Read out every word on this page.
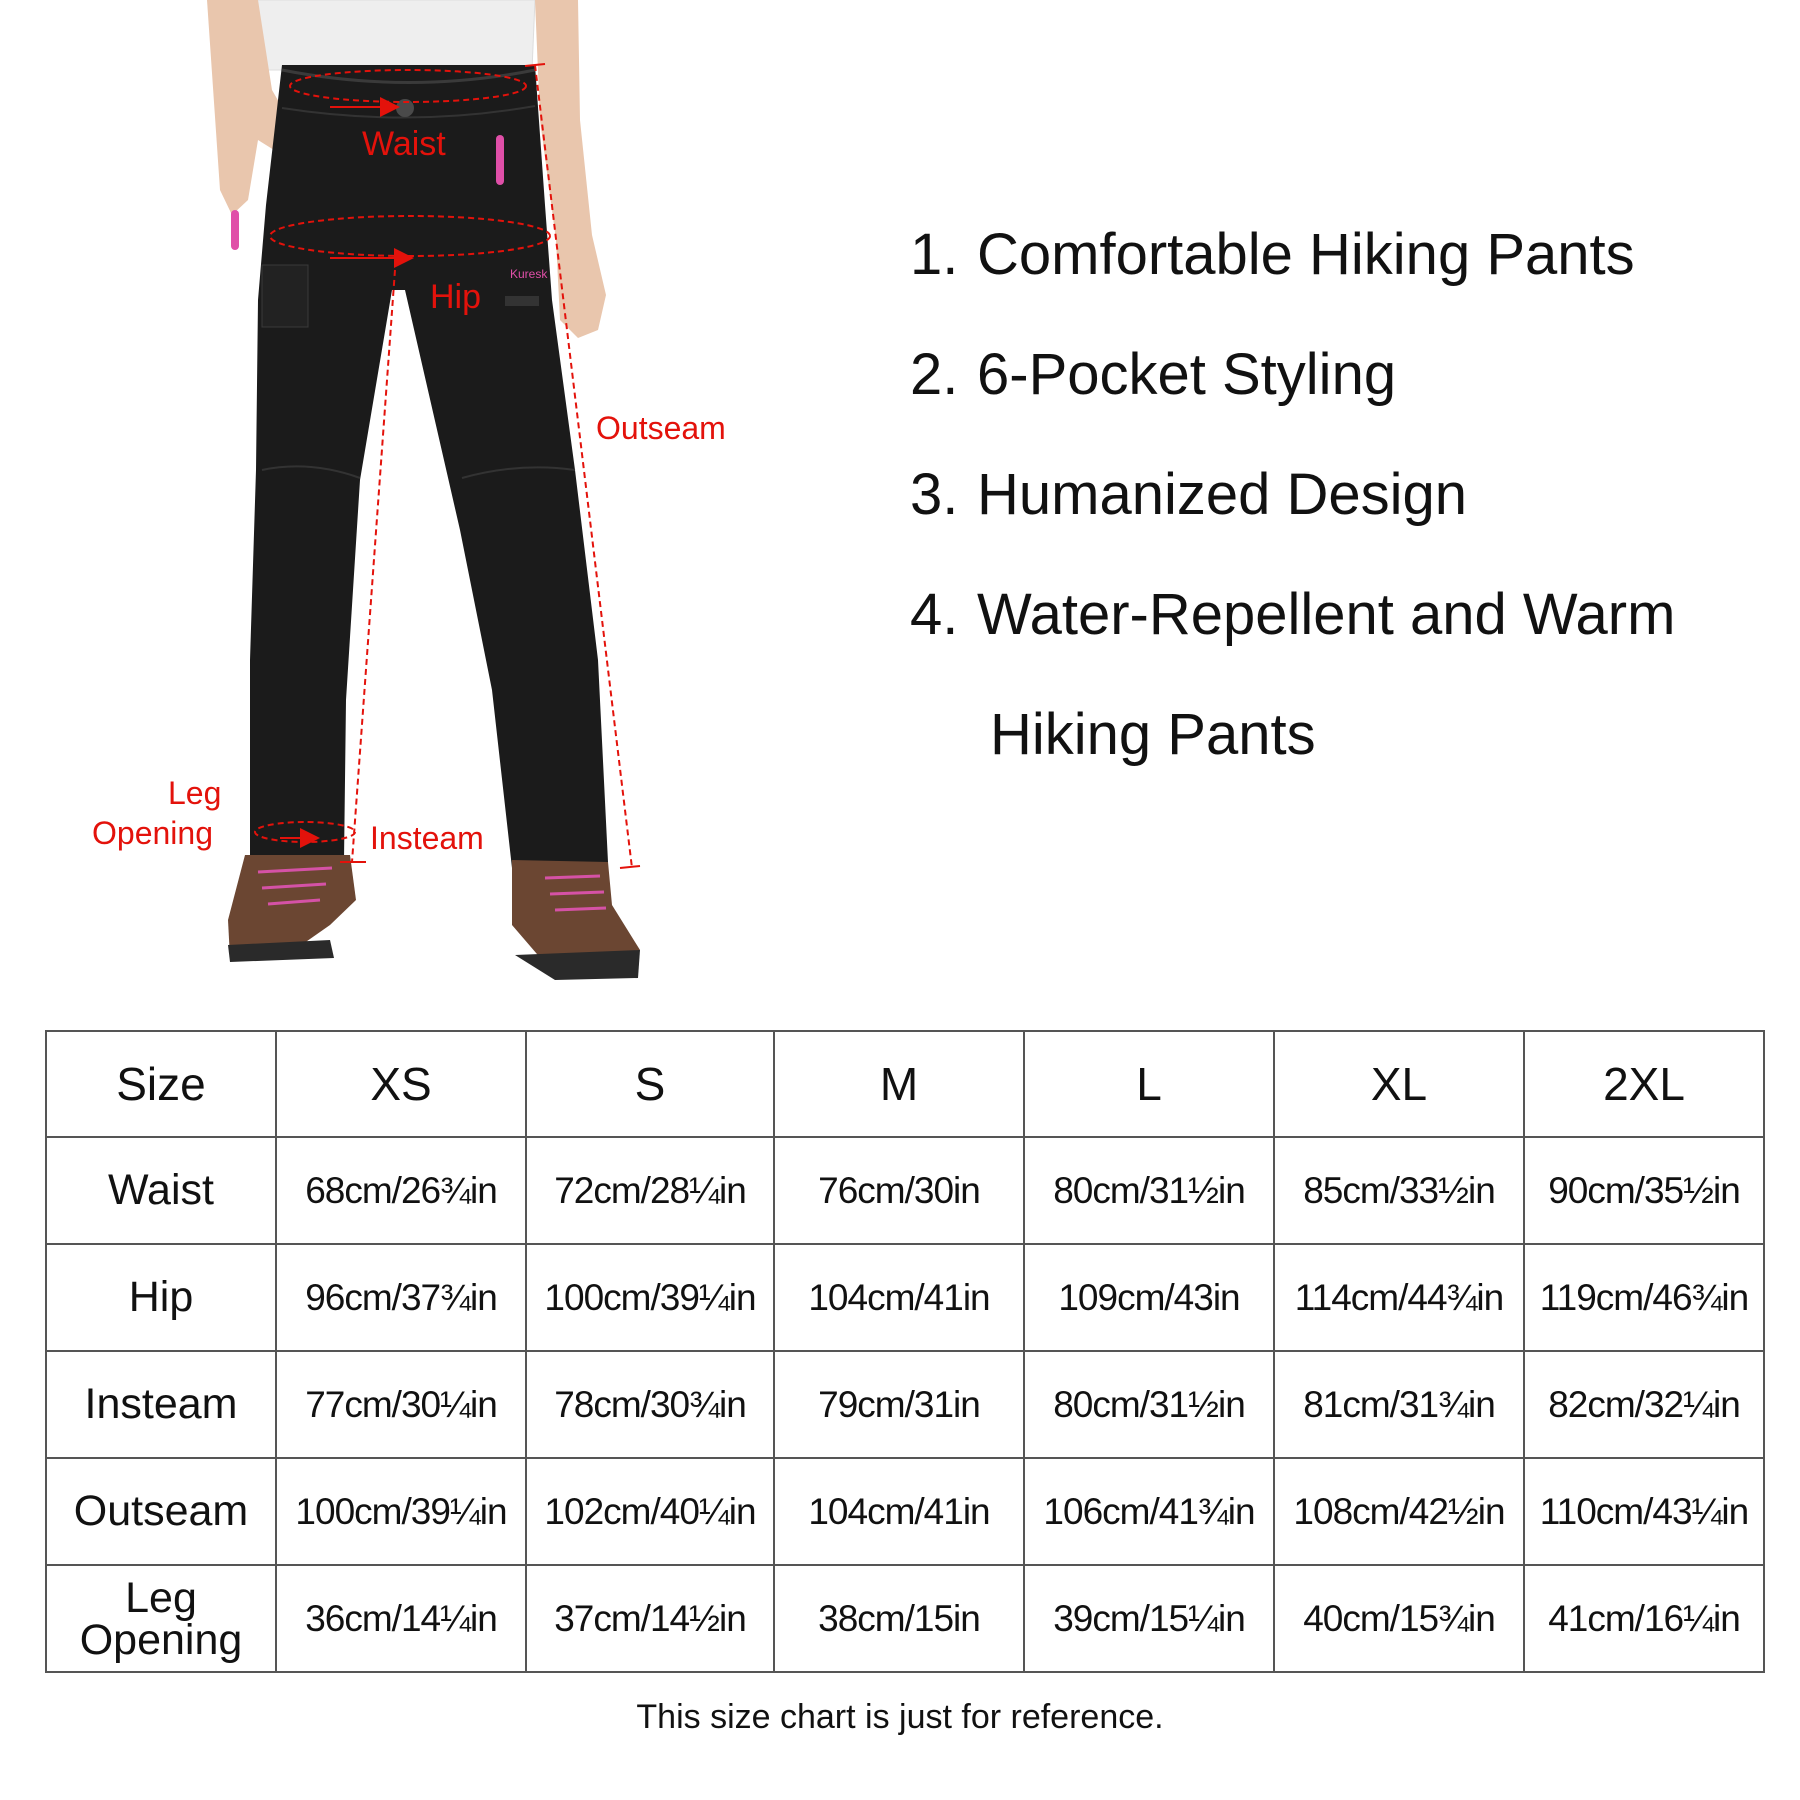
Kuresk
Waist
Hip
Outseam
Leg
Opening	Insteam
1. Comfortable Hiking Pants
2. 6-Pocket Styling
3. Humanized Design
4. Water-Repellent and Warm
Hiking Pants
Size	XS	S	M	L	XL	2XL
Waist	68cm/26¾in	72cm/28¼in	76cm/30in	80cm/31½in	85cm/33½in	90cm/35½in
Hip	96cm/37¾in	100cm/39¼in	104cm/41in	109cm/43in	114cm/44¾in	119cm/46¾in
Insteam	77cm/30¼in	78cm/30¾in	79cm/31in	80cm/31½in	81cm/31¾in	82cm/32¼in
Outseam	100cm/39¼in	102cm/40¼in	104cm/41in	106cm/41¾in	108cm/42½in	110cm/43¼in

Leg
Opening	36cm/14¼in	37cm/14½in	38cm/15in	39cm/15¼in	40cm/15¾in	41cm/16¼in
This size chart is just for reference.
